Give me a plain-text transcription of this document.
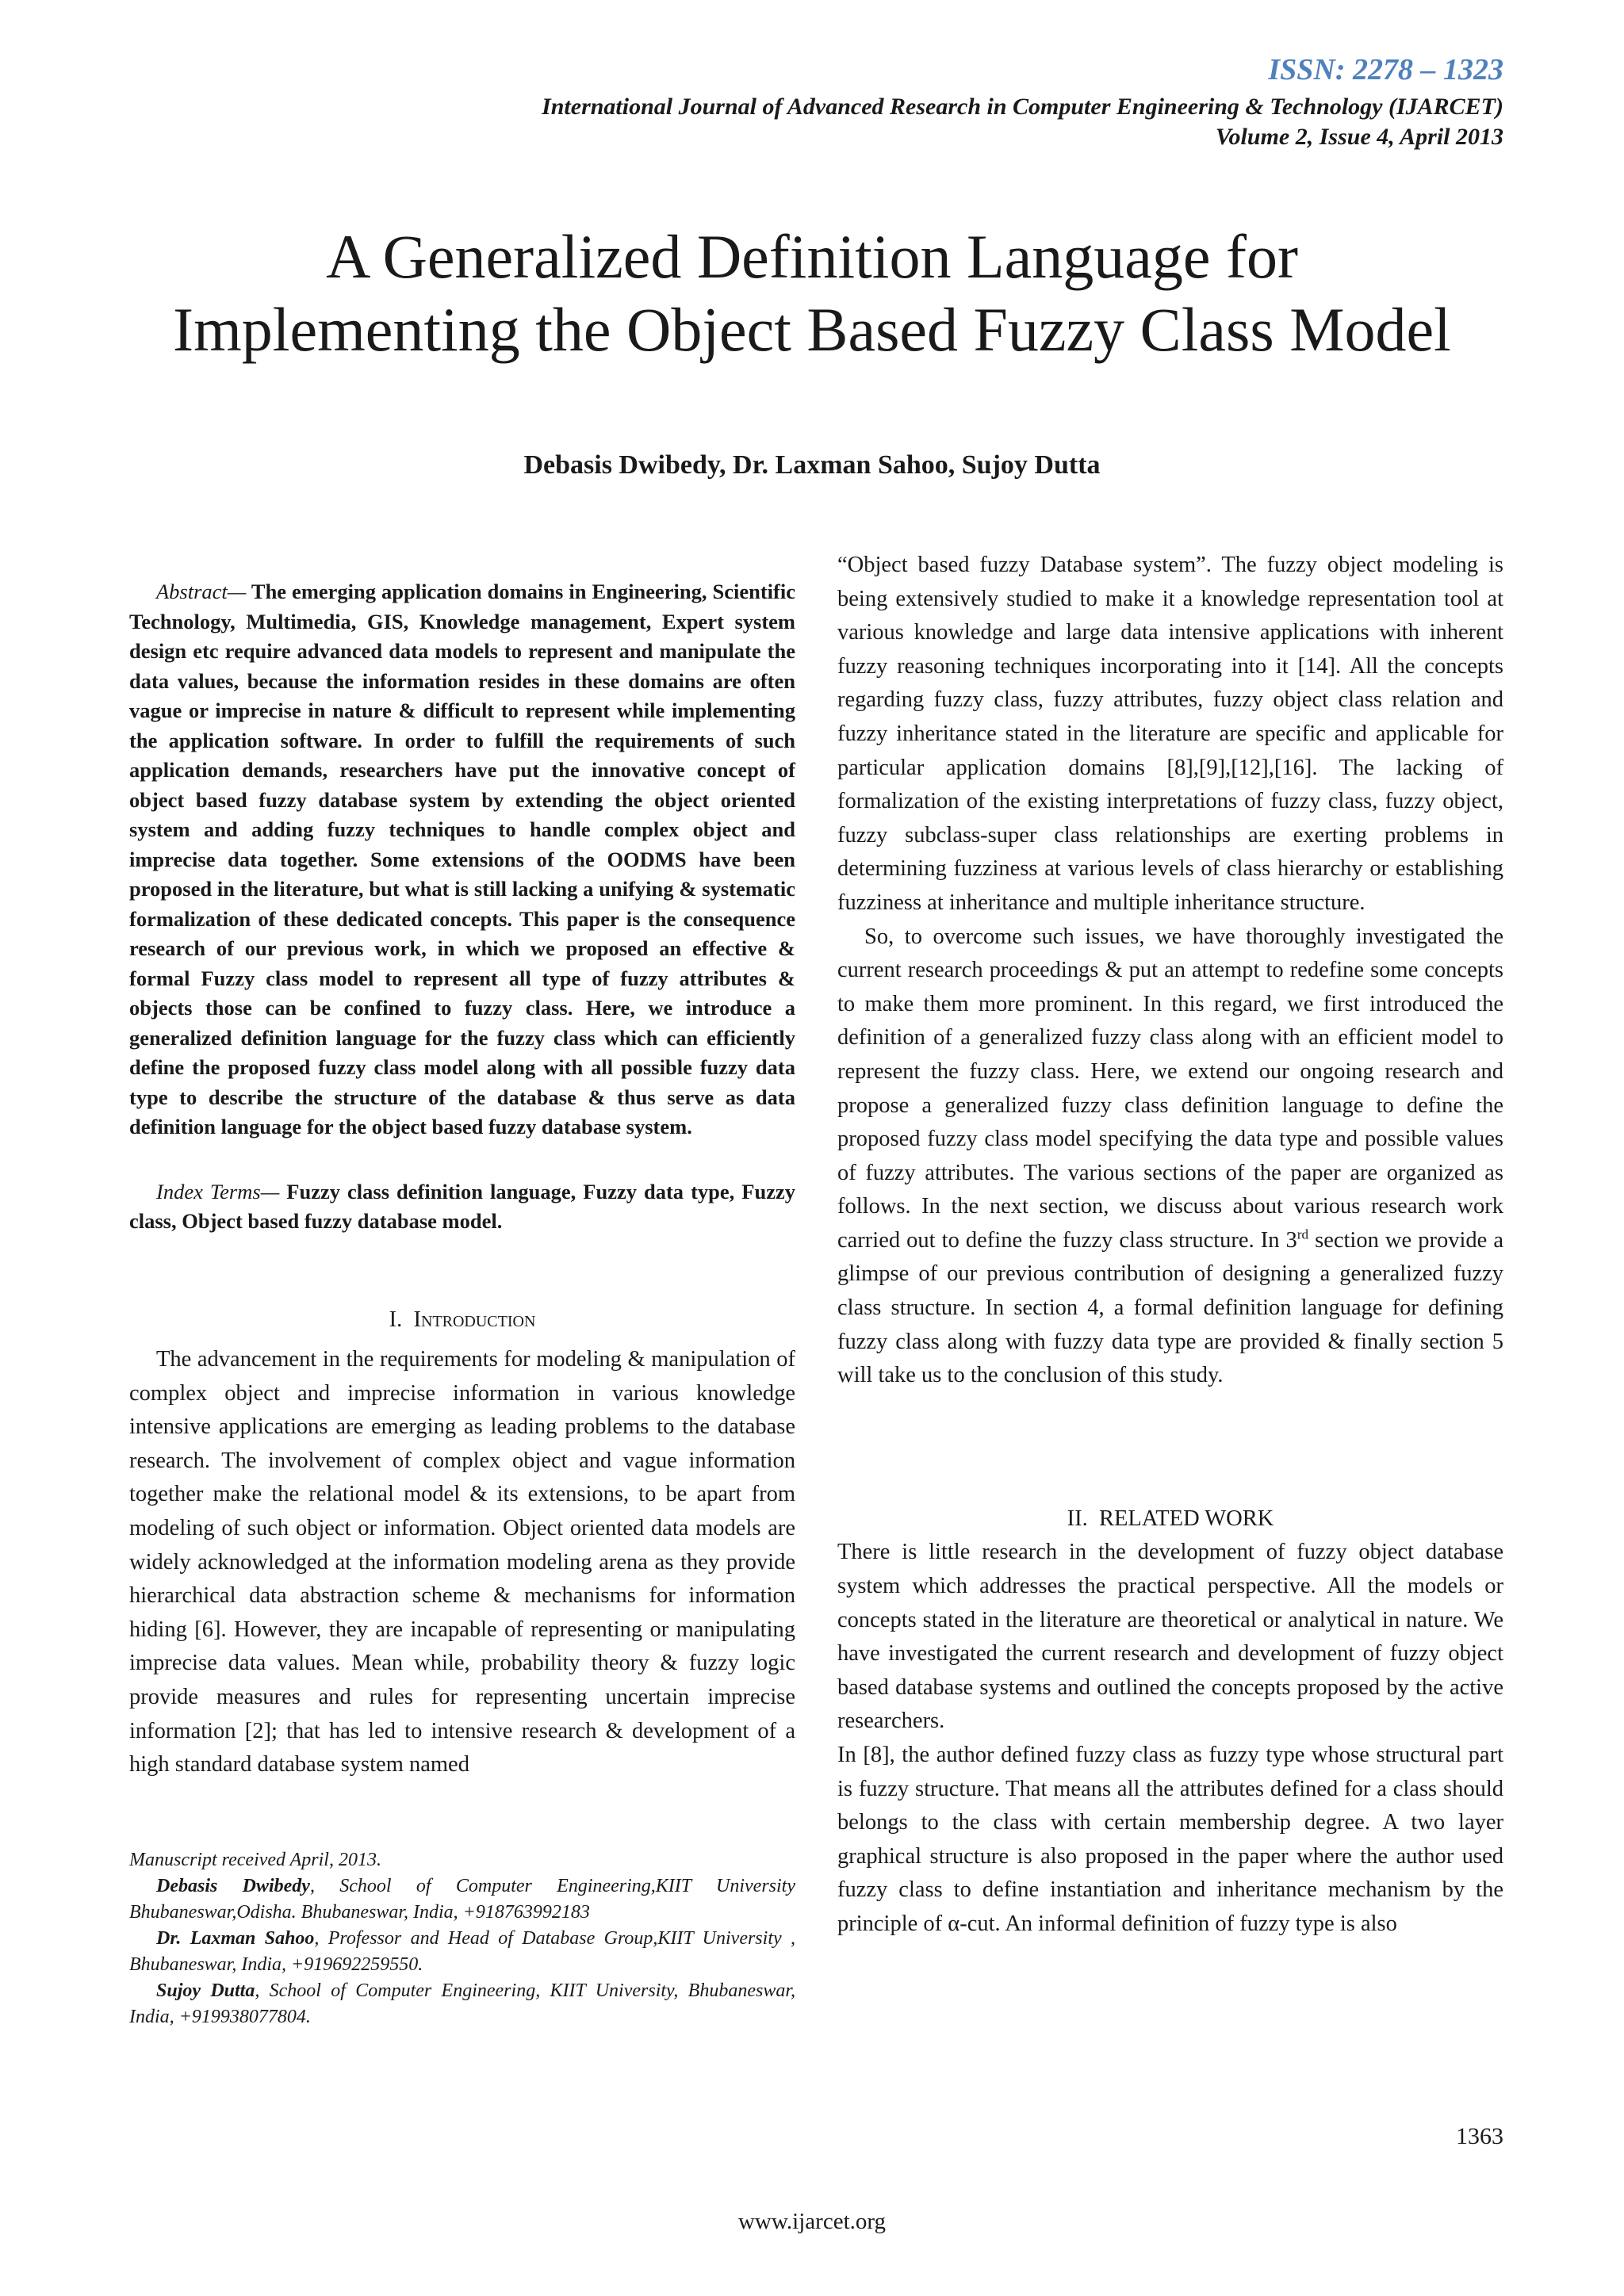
ISSN: 2278 – 1323
International Journal of Advanced Research in Computer Engineering & Technology (IJARCET)
Volume 2, Issue 4, April 2013
A Generalized Definition Language for Implementing the Object Based Fuzzy Class Model
Debasis Dwibedy, Dr. Laxman Sahoo, Sujoy Dutta

Abstract— The emerging application domains in Engineering, Scientific Technology, Multimedia, GIS, Knowledge management, Expert system design etc require advanced data models to represent and manipulate the data values, because the information resides in these domains are often vague or imprecise in nature & difficult to represent while implementing the application software. In order to fulfill the requirements of such application demands, researchers have put the innovative concept of object based fuzzy database system by extending the object oriented system and adding fuzzy techniques to handle complex object and imprecise data together. Some extensions of the OODMS have been proposed in the literature, but what is still lacking a unifying & systematic formalization of these dedicated concepts. This paper is the consequence research of our previous work, in which we proposed an effective & formal Fuzzy class model to represent all type of fuzzy attributes & objects those can be confined to fuzzy class. Here, we introduce a generalized definition language for the fuzzy class which can efficiently define the proposed fuzzy class model along with all possible fuzzy data type to describe the structure of the database & thus serve as data definition language for the object based fuzzy database system.

Index Terms— Fuzzy class definition language, Fuzzy data type, Fuzzy class, Object based fuzzy database model.

I. Introduction

The advancement in the requirements for modeling & manipulation of complex object and imprecise information in various knowledge intensive applications are emerging as leading problems to the database research. The involvement of complex object and vague information together make the relational model & its extensions, to be apart from modeling of such object or information. Object oriented data models are widely acknowledged at the information modeling arena as they provide hierarchical data abstraction scheme & mechanisms for information hiding [6]. However, they are incapable of representing or manipulating imprecise data values. Mean while, probability theory & fuzzy logic provide measures and rules for representing uncertain imprecise information [2]; that has led to intensive research & development of a high standard database system named

Manuscript received April, 2013.

Debasis Dwibedy, School of Computer Engineering,KIIT University Bhubaneswar,Odisha. Bhubaneswar, India, +918763992183

Dr. Laxman Sahoo, Professor and Head of Database Group,KIIT University , Bhubaneswar, India, +919692259550.

Sujoy Dutta, School of Computer Engineering, KIIT University, Bhubaneswar, India, +919938077804.

“Object based fuzzy Database system”. The fuzzy object modeling is being extensively studied to make it a knowledge representation tool at various knowledge and large data intensive applications with inherent fuzzy reasoning techniques incorporating into it [14]. All the concepts regarding fuzzy class, fuzzy attributes, fuzzy object class relation and fuzzy inheritance stated in the literature are specific and applicable for particular application domains [8],[9],[12],[16]. The lacking of formalization of the existing interpretations of fuzzy class, fuzzy object, fuzzy subclass-super class relationships are exerting problems in determining fuzziness at various levels of class hierarchy or establishing fuzziness at inheritance and multiple inheritance structure.

So, to overcome such issues, we have thoroughly investigated the current research proceedings & put an attempt to redefine some concepts to make them more prominent. In this regard, we first introduced the definition of a generalized fuzzy class along with an efficient model to represent the fuzzy class. Here, we extend our ongoing research and propose a generalized fuzzy class definition language to define the proposed fuzzy class model specifying the data type and possible values of fuzzy attributes. The various sections of the paper are organized as follows. In the next section, we discuss about various research work carried out to define the fuzzy class structure. In 3rd section we provide a glimpse of our previous contribution of designing a generalized fuzzy class structure. In section 4, a formal definition language for defining fuzzy class along with fuzzy data type are provided & finally section 5 will take us to the conclusion of this study.

II. RELATED WORK

There is little research in the development of fuzzy object database system which addresses the practical perspective. All the models or concepts stated in the literature are theoretical or analytical in nature. We have investigated the current research and development of fuzzy object based database systems and outlined the concepts proposed by the active researchers.

In [8], the author defined fuzzy class as fuzzy type whose structural part is fuzzy structure. That means all the attributes defined for a class should belongs to the class with certain membership degree. A two layer graphical structure is also proposed in the paper where the author used fuzzy class to define instantiation and inheritance mechanism by the principle of α-cut. An informal definition of fuzzy type is also

1363
www.ijarcet.org
